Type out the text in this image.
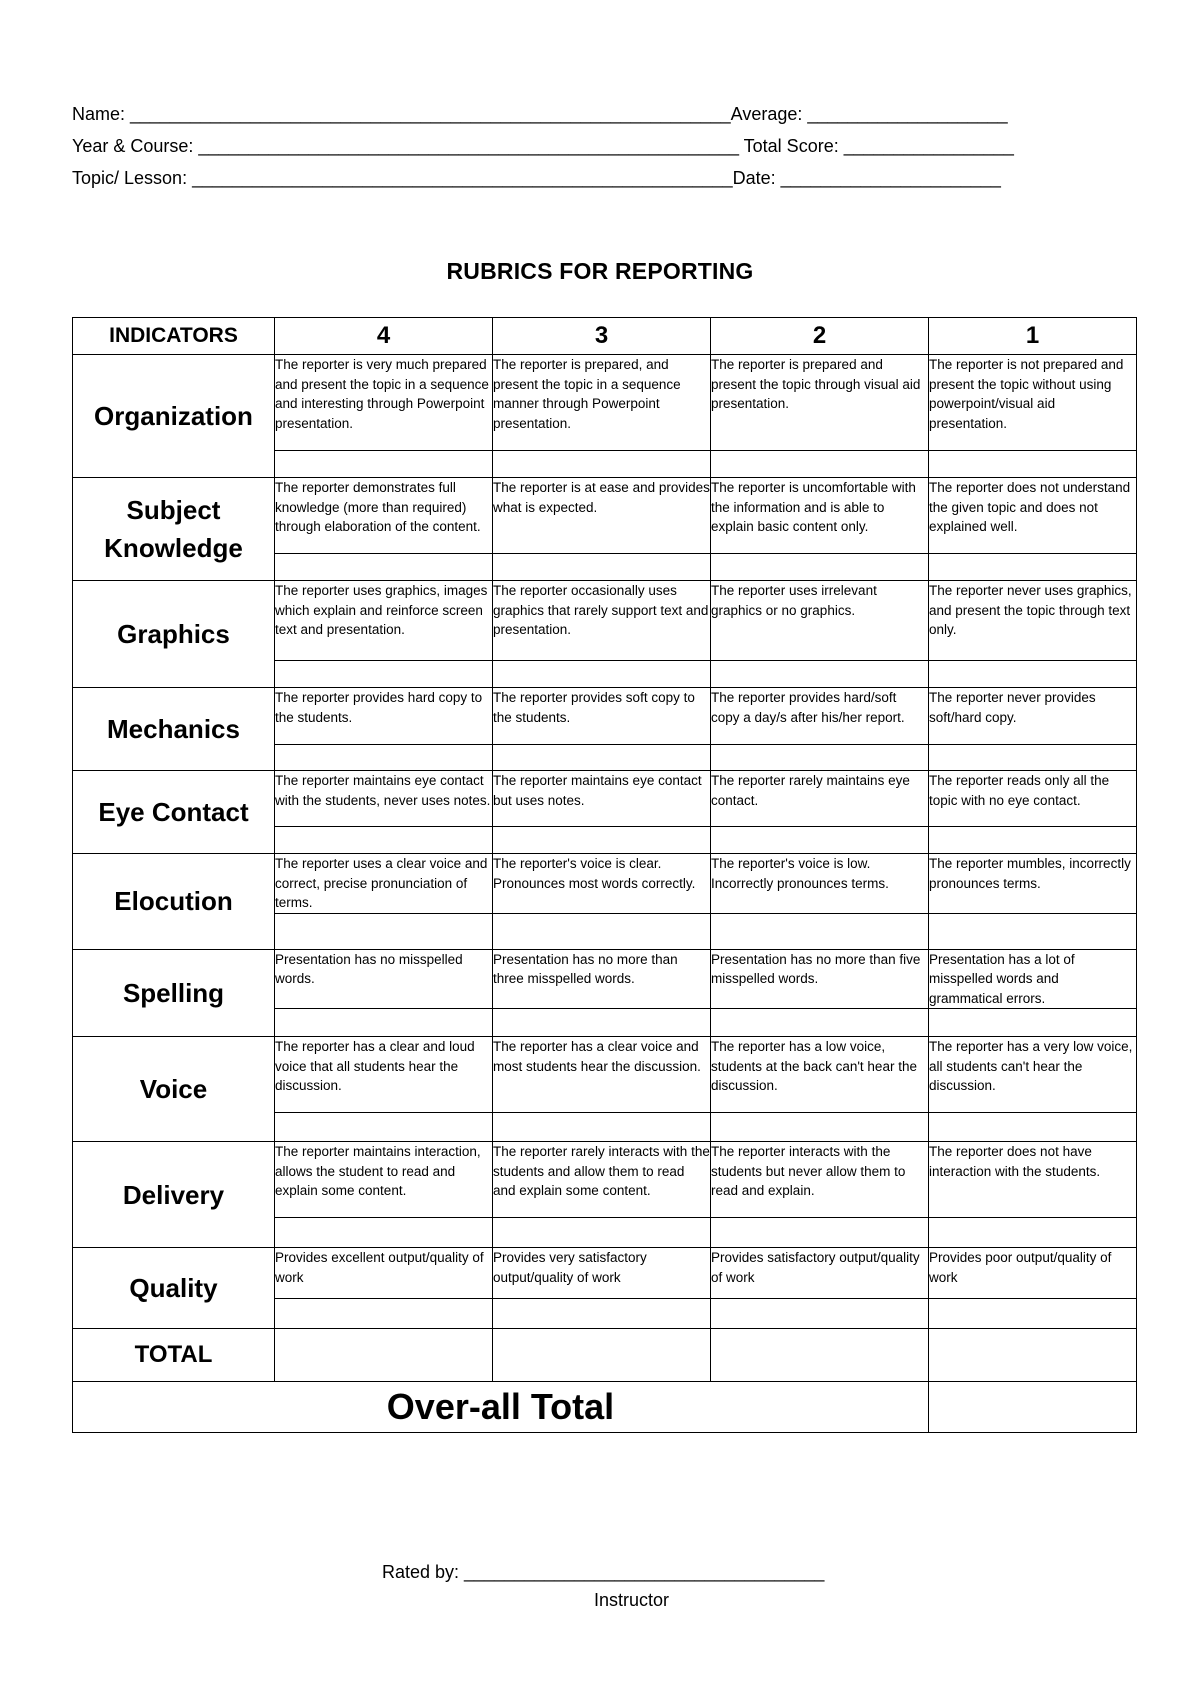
Name: ____________________________________________________________Average: ____________________
Year & Course: ______________________________________________________ Total Score: _________________
Topic/ Lesson: ______________________________________________________Date: ______________________
RUBRICS FOR REPORTING
INDICATORS	4	3	2	1
Organization	The reporter is very much prepared and present the topic in a sequence and interesting through Powerpoint presentation.	The reporter is prepared, and present the topic in a sequence manner through Powerpoint presentation.	The reporter is prepared and present the topic through visual aid presentation.	The reporter is not prepared and present the topic without using powerpoint/visual aid presentation.

Subject Knowledge	The reporter demonstrates full knowledge (more than required) through elaboration of the content.	The reporter is at ease and provides what is expected.	The reporter is uncomfortable with the information and is able to explain basic content only.	The reporter does not understand the given topic and does not explained well.

Graphics	The reporter uses graphics, images which explain and reinforce screen text and presentation.	The reporter occasionally uses graphics that rarely support text and presentation.	The reporter uses irrelevant graphics or no graphics.	The reporter never uses graphics, and present the topic through text only.

Mechanics	The reporter provides hard copy to the students.	The reporter provides soft copy to the students.	The reporter provides hard/soft copy a day/s after his/her report.	The reporter never provides soft/hard copy.

Eye Contact	The reporter maintains eye contact with the students, never uses notes.	The reporter maintains eye contact but uses notes.	The reporter rarely maintains eye contact.	The reporter reads only all the topic with no eye contact.

Elocution	The reporter uses a clear voice and correct, precise pronunciation of terms.	The reporter's voice is clear. Pronounces most words correctly.	The reporter's voice is low. Incorrectly pronounces terms.	The reporter mumbles, incorrectly pronounces terms.

Spelling	Presentation has no misspelled words.	Presentation has no more than three misspelled words.	Presentation has no more than five misspelled words.	Presentation has a lot of misspelled words and grammatical errors.

Voice	The reporter has a clear and loud voice that all students hear the discussion.	The reporter has a clear voice and most students hear the discussion.	The reporter has a low voice, students at the back can't hear the discussion.	The reporter has a very low voice, all students can't hear the discussion.

Delivery	The reporter maintains interaction, allows the student to read and explain some content.	The reporter rarely interacts with the students and allow them to read and explain some content.	The reporter interacts with the students but never allow them to read and explain.	The reporter does not have interaction with the students.

Quality	Provides excellent output/quality of work	Provides very satisfactory output/quality of work	Provides satisfactory output/quality of work	Provides poor output/quality of work

TOTAL				
Over-all Total				
Rated by: ____________________________________
Instructor
